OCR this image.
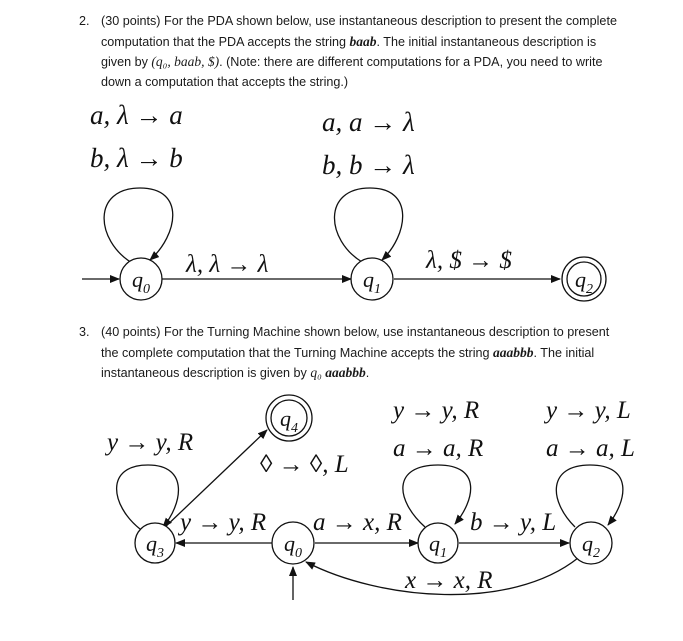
2. (30 points) For the PDA shown below, use instantaneous description to present the complete computation that the PDA accepts the string baab. The initial instantaneous description is given by (q₀, baab, $). (Note: there are different computations for a PDA, you need to write down a computation that accepts the string.)
3. (40 points) For the Turning Machine shown below, use instantaneous description to present the complete computation that the Turning Machine accepts the string aaabbb. The initial instantaneous description is given by q₀ aaabbb.
a, λ → a
b, λ → b
a, a → λ
b, b → λ
λ, λ → λ	λ, $ → $
$q_0$	$q_1$	$q_2$
y → y, R
◊ → ◊, L
y → y, R
a → a, R
y → y, L
a → a, L
y → y, R a → x, R	b → y, L
x → x, R
$q_3$	$q_0$	$q_1$	$q_2$
$q_4$
